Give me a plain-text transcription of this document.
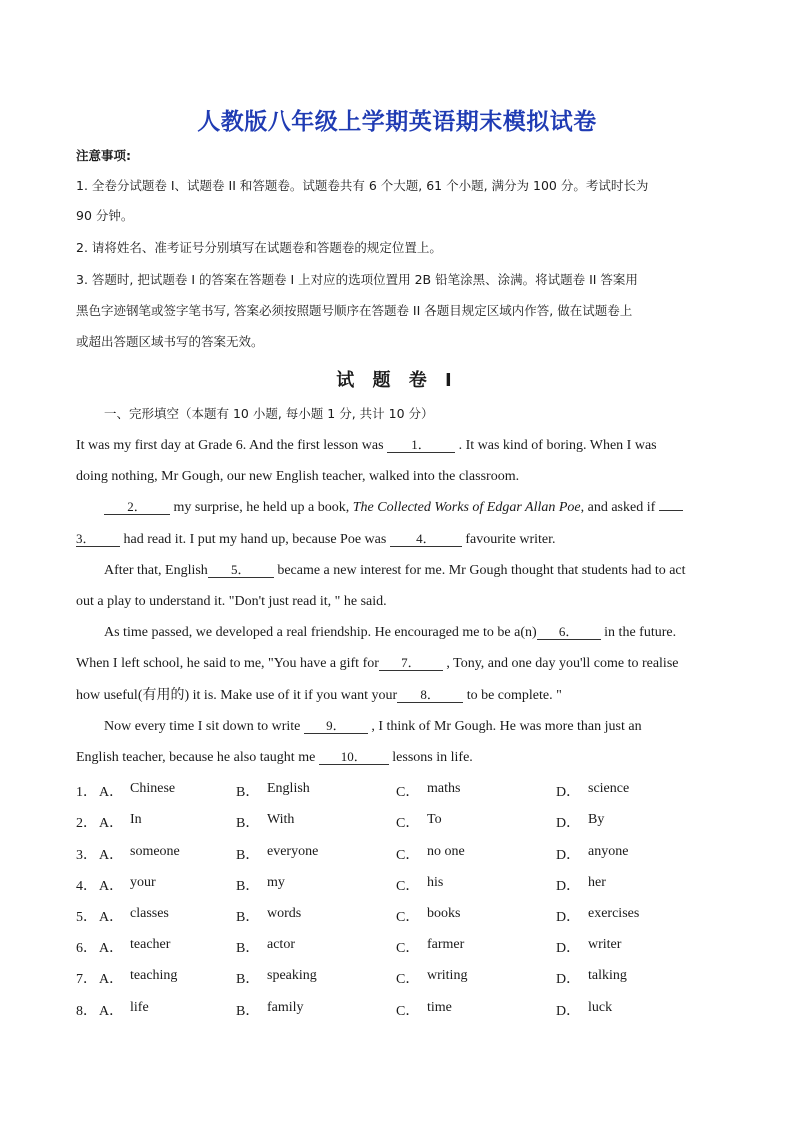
人教版八年级上学期英语期末模拟试卷
注意事项:
1. 全卷分试题卷 I、试题卷 II 和答题卷。试题卷共有 6 个大题, 61 个小题, 满分为 100 分。考试时长为
90 分钟。
2. 请将姓名、准考证号分别填写在试题卷和答题卷的规定位置上。
3. 答题时, 把试题卷 I 的答案在答题卷 I 上对应的选项位置用 2B 铅笔涂黑、涂满。将试题卷 II 答案用
黑色字迹钢笔或签字笔书写, 答案必须按照题号顺序在答题卷 II 各题目规定区域内作答, 做在试题卷上
或超出答题区域书写的答案无效。
试 题 卷 I
一、完形填空（本题有 10 小题, 每小题 1 分, 共计 10 分）
It was my first day at Grade 6. And the first lesson was 1． . It was kind of boring. When I was
doing nothing, Mr Gough, our new English teacher, walked into the classroom.
2． my surprise, he held up a book, The Collected Works of Edgar Allan Poe, and asked if
3． had read it. I put my hand up, because Poe was 4． favourite writer.
After that, English 5． became a new interest for me. Mr Gough thought that students had to act
out a play to understand it. "Don't just read it, " he said.
As time passed, we developed a real friendship. He encouraged me to be a(n) 6． in the future.
When I left school, he said to me, "You have a gift for 7． , Tony, and one day you'll come to realise
how useful(有用的) it is. Make use of it if you want your 8． to be complete. "
Now every time I sit down to write 9． , I think of Mr Gough. He was more than just an
English teacher, because he also taught me 10． lessons in life.
1． A． Chinese	B． English	C． maths	D． science
2． A． In	B． With	C． To	D． By
3． A． someone	B． everyone	C． no one	D． anyone
4． A． your	B． my	C． his	D． her
5． A． classes	B． words	C． books	D． exercises
6． A． teacher	B． actor	C． farmer	D． writer
7． A． teaching	B． speaking	C． writing	D． talking
8． A． life	B． family	C． time	D． luck
